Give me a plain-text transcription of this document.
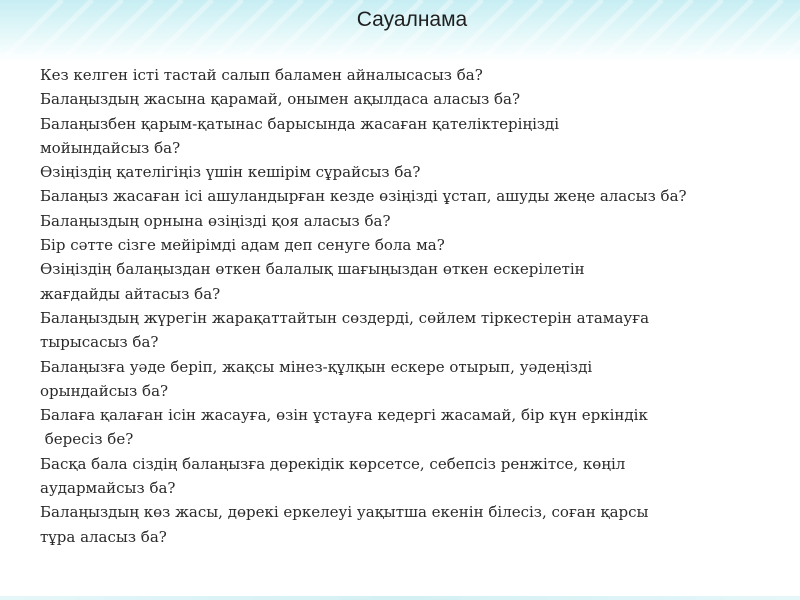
Сауалнама
Кез келген істі тастай салып баламен айналысасыз ба?
Балаңыздың жасына қарамай, онымен ақылдаса аласыз ба?
Балаңызбен қарым-қатынас барысында жасаған қателіктеріңізді
мойындайсыз ба?
Өзіңіздің қателігіңіз үшін кешірім сұрайсыз ба?
Балаңыз жасаған ісі ашуландырған кезде өзіңізді ұстап, ашуды жеңе аласыз ба?
Балаңыздың орнына өзіңізді қоя аласыз ба?
Бір сәтте сізге мейірімді адам деп сенуге бола ма?
Өзіңіздің балаңыздан өткен балалық шағыңыздан өткен ескерілетін
жағдайды айтасыз ба?
Балаңыздың жүрегін жарақаттайтын сөздерді, сөйлем тіркестерін атамауға
тырысасыз ба?
Балаңызға уәде беріп, жақсы мінез-құлқын ескере отырып, уәдеңізді
орындайсыз ба?
Балаға қалаған ісін жасауға, өзін ұстауға кедергі жасамай, бір күн еркіндік
бересіз бе?
Басқа бала сіздің балаңызға дөрекідік көрсетсе, себепсіз ренжітсе, көңіл
аудармайсыз ба?
Балаңыздың көз жасы, дөрекі еркелеуі уақытша екенін білесіз, соған қарсы
тұра аласыз ба?
